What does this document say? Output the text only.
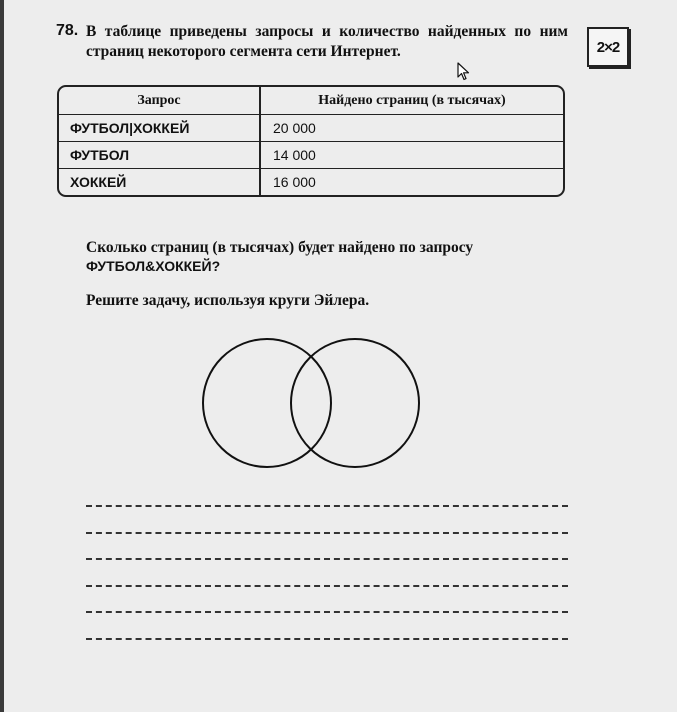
78. В таблице приведены запросы и количество найденных по ним страниц некоторого сегмента сети Интернет.	2×2
Запрос	Найдено страниц (в тысячах)
ФУТБОЛ|ХОККЕЙ	20 000
ФУТБОЛ	14 000
ХОККЕЙ	16 000
Сколько страниц (в тысячах) будет найдено по запросу
ФУТБОЛ&ХОККЕЙ?
Решите задачу, используя круги Эйлера.
